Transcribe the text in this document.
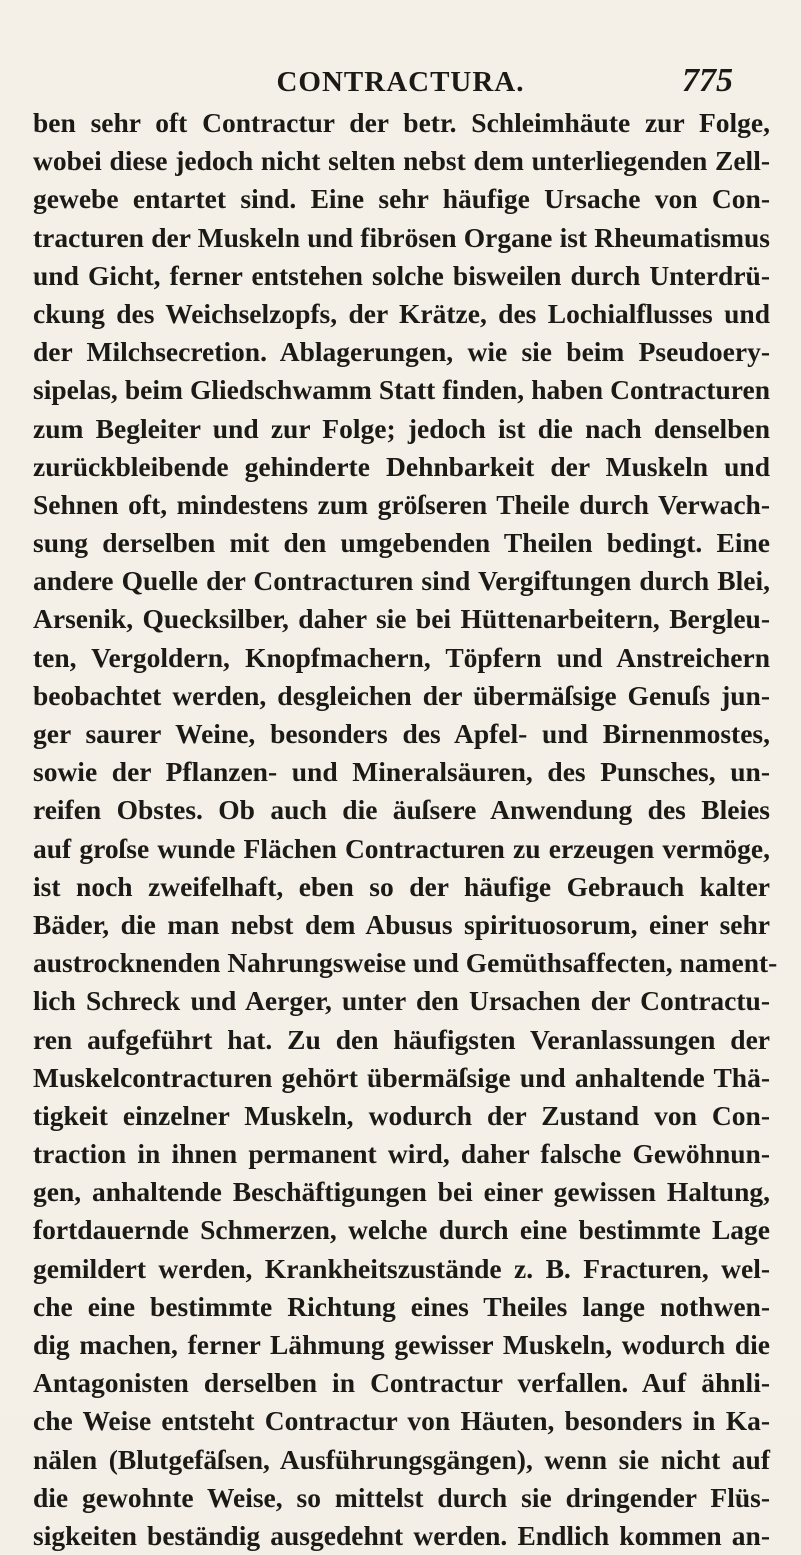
CONTRACTURA.	775
ben sehr oft Contractur der betr. Schleimhäute zur Folge,
wobei diese jedoch nicht selten nebst dem unterliegenden Zell-
gewebe entartet sind. Eine sehr häufige Ursache von Con-
tracturen der Muskeln und fibrösen Organe ist Rheumatismus
und Gicht, ferner entstehen solche bisweilen durch Unterdrü-
ckung des Weichselzopfs, der Krätze, des Lochialflusses und
der Milchsecretion. Ablagerungen, wie sie beim Pseudoery-
sipelas, beim Gliedschwamm Statt finden, haben Contracturen
zum Begleiter und zur Folge; jedoch ist die nach denselben
zurückbleibende gehinderte Dehnbarkeit der Muskeln und
Sehnen oft, mindestens zum gröſseren Theile durch Verwach-
sung derselben mit den umgebenden Theilen bedingt. Eine
andere Quelle der Contracturen sind Vergiftungen durch Blei,
Arsenik, Quecksilber, daher sie bei Hüttenarbeitern, Bergleu-
ten, Vergoldern, Knopfmachern, Töpfern und Anstreichern
beobachtet werden, desgleichen der übermäſsige Genuſs jun-
ger saurer Weine, besonders des Apfel- und Birnenmostes,
sowie der Pflanzen- und Mineralsäuren, des Punsches, un-
reifen Obstes. Ob auch die äuſsere Anwendung des Bleies
auf groſse wunde Flächen Contracturen zu erzeugen vermöge,
ist noch zweifelhaft, eben so der häufige Gebrauch kalter
Bäder, die man nebst dem Abusus spirituosorum, einer sehr
austrocknenden Nahrungsweise und Gemüthsaffecten, nament-
lich Schreck und Aerger, unter den Ursachen der Contractu-
ren aufgeführt hat. Zu den häufigsten Veranlassungen der
Muskelcontracturen gehört übermäſsige und anhaltende Thä-
tigkeit einzelner Muskeln, wodurch der Zustand von Con-
traction in ihnen permanent wird, daher falsche Gewöhnun-
gen, anhaltende Beschäftigungen bei einer gewissen Haltung,
fortdauernde Schmerzen, welche durch eine bestimmte Lage
gemildert werden, Krankheitszustände z. B. Fracturen, wel-
che eine bestimmte Richtung eines Theiles lange nothwen-
dig machen, ferner Lähmung gewisser Muskeln, wodurch die
Antagonisten derselben in Contractur verfallen. Auf ähnli-
che Weise entsteht Contractur von Häuten, besonders in Ka-
nälen (Blutgefäſsen, Ausführungsgängen), wenn sie nicht auf
die gewohnte Weise, so mittelst durch sie dringender Flüs-
sigkeiten beständig ausgedehnt werden. Endlich kommen an-
